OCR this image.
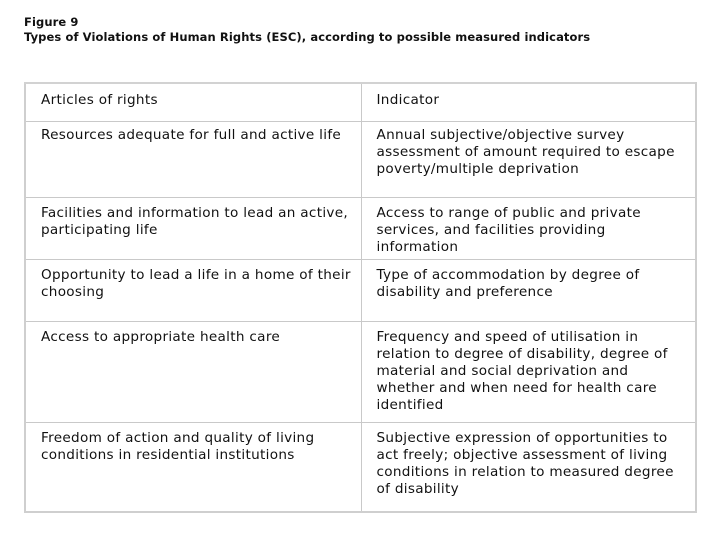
Figure 9
Types of Violations of Human Rights (ESC), according to possible measured indicators
Articles of rights	Indicator
Resources adequate for full and active life	Annual subjective/objective survey assessment of amount required to escape poverty/multiple deprivation
Facilities and information to lead an active, participating life	Access to range of public and private services, and facilities providing information
Opportunity to lead a life in a home of their choosing	Type of accommodation by degree of disability and preference
Access to appropriate health care	Frequency and speed of utilisation in relation to degree of disability, degree of material and social deprivation and whether and when need for health care identified
Freedom of action and quality of living conditions in residential institutions	Subjective expression of opportunities to act freely; objective assessment of living conditions in relation to measured degree of disability
